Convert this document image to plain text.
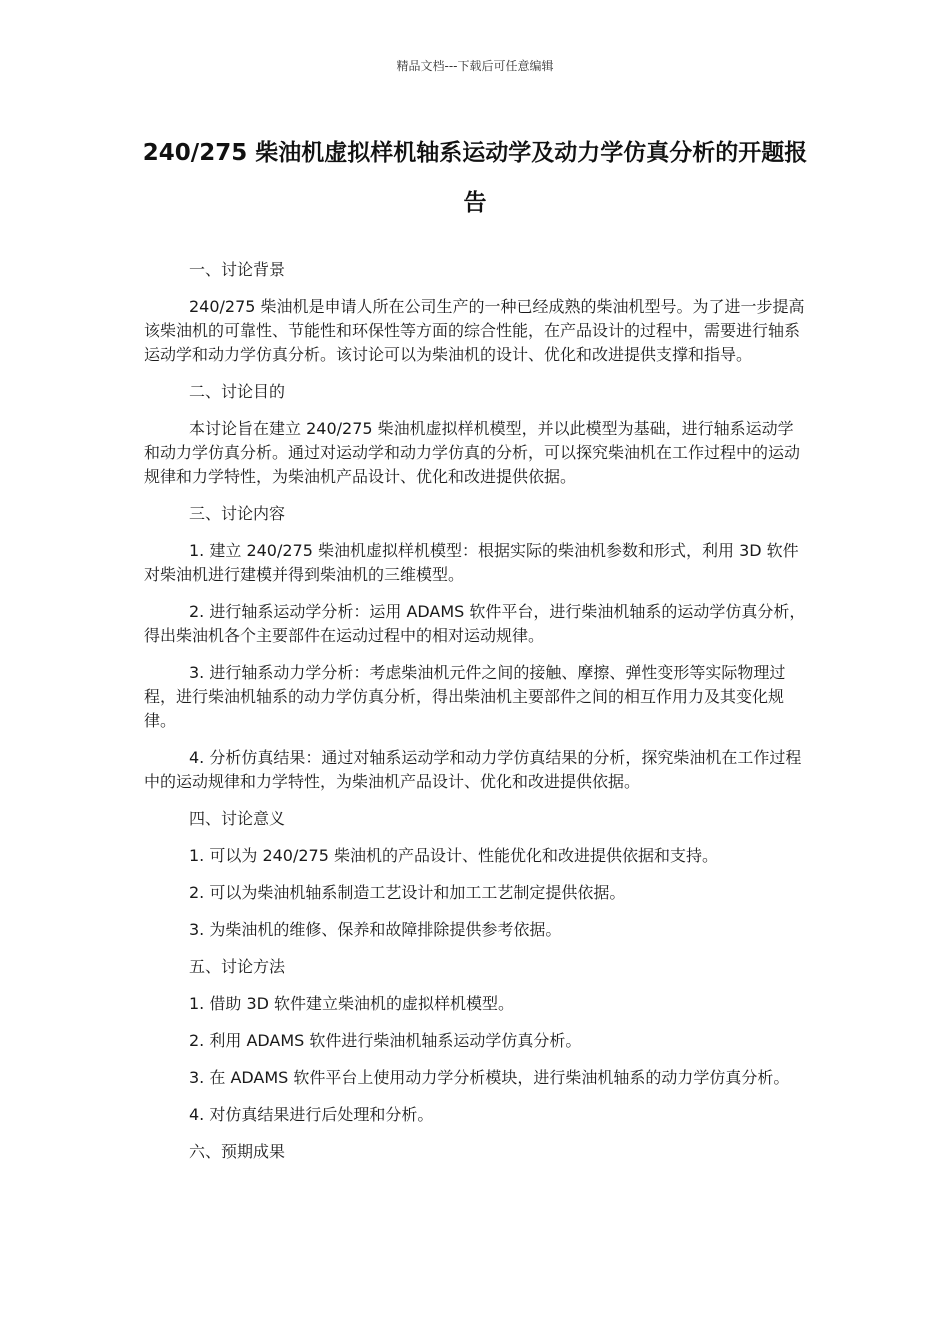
精品文档---下载后可任意编辑
240/275 柴油机虚拟样机轴系运动学及动力学仿真分析的开题报告

一、讨论背景

240/275 柴油机是申请人所在公司生产的一种已经成熟的柴油机型号。为了进一步提高该柴油机的可靠性、节能性和环保性等方面的综合性能，在产品设计的过程中，需要进行轴系运动学和动力学仿真分析。该讨论可以为柴油机的设计、优化和改进提供支撑和指导。

二、讨论目的

本讨论旨在建立 240/275 柴油机虚拟样机模型，并以此模型为基础，进行轴系运动学和动力学仿真分析。通过对运动学和动力学仿真的分析，可以探究柴油机在工作过程中的运动规律和力学特性，为柴油机产品设计、优化和改进提供依据。

三、讨论内容

1. 建立 240/275 柴油机虚拟样机模型：根据实际的柴油机参数和形式，利用 3D 软件对柴油机进行建模并得到柴油机的三维模型。

2. 进行轴系运动学分析：运用 ADAMS 软件平台，进行柴油机轴系的运动学仿真分析，得出柴油机各个主要部件在运动过程中的相对运动规律。

3. 进行轴系动力学分析：考虑柴油机元件之间的接触、摩擦、弹性变形等实际物理过程，进行柴油机轴系的动力学仿真分析，得出柴油机主要部件之间的相互作用力及其变化规律。

4. 分析仿真结果：通过对轴系运动学和动力学仿真结果的分析，探究柴油机在工作过程中的运动规律和力学特性，为柴油机产品设计、优化和改进提供依据。

四、讨论意义

1. 可以为 240/275 柴油机的产品设计、性能优化和改进提供依据和支持。

2. 可以为柴油机轴系制造工艺设计和加工工艺制定提供依据。

3. 为柴油机的维修、保养和故障排除提供参考依据。

五、讨论方法

1. 借助 3D 软件建立柴油机的虚拟样机模型。

2. 利用 ADAMS 软件进行柴油机轴系运动学仿真分析。

3. 在 ADAMS 软件平台上使用动力学分析模块，进行柴油机轴系的动力学仿真分析。

4. 对仿真结果进行后处理和分析。

六、预期成果
